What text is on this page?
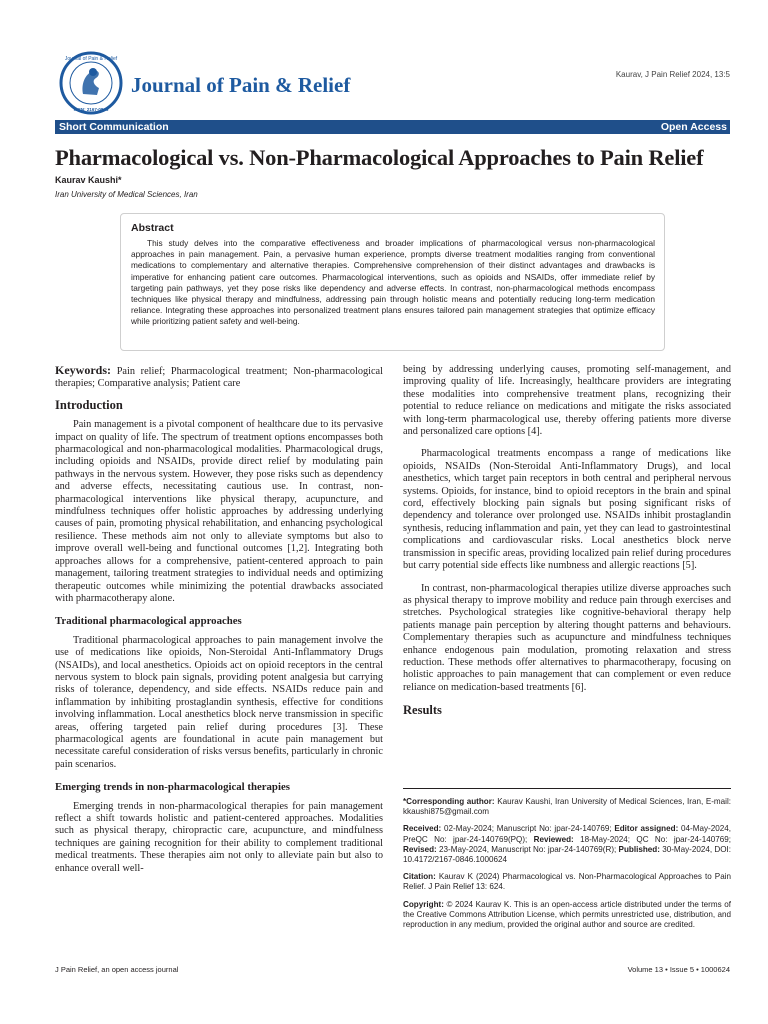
Journal of Pain & Relief
ISSN: 2167-0846
Journal of Pain & Relief	Kaurav, J Pain Relief 2024, 13:5
Short Communication	Open Access
Pharmacological vs. Non-Pharmacological Approaches to Pain Relief
Kaurav Kaushi*
Iran University of Medical Sciences, Iran
Abstract

This study delves into the comparative effectiveness and broader implications of pharmacological versus non-pharmacological approaches in pain management. Pain, a pervasive human experience, prompts diverse treatment modalities ranging from conventional medications to complementary and alternative therapies. Comprehensive comprehension of their distinct advantages and drawbacks is imperative for enhancing patient care outcomes. Pharmacological interventions, such as opioids and NSAIDs, offer immediate relief by targeting pain pathways, yet they pose risks like dependency and adverse effects. In contrast, non-pharmacological methods encompass techniques like physical therapy and mindfulness, addressing pain through holistic means and potentially reducing long-term medication reliance. Integrating these approaches into personalized treatment plans ensures tailored pain management strategies that optimize efficacy while prioritizing patient safety and well-being.

Keywords: Pain relief; Pharmacological treatment; Non-pharmacological therapies; Comparative analysis; Patient care
Introduction

Pain management is a pivotal component of healthcare due to its pervasive impact on quality of life. The spectrum of treatment options encompasses both pharmacological and non-pharmacological modalities. Pharmacological drugs, including opioids and NSAIDs, provide direct relief by modulating pain pathways in the nervous system. However, they pose risks such as dependency and adverse effects, necessitating cautious use. In contrast, non-pharmacological interventions like physical therapy, acupuncture, and mindfulness techniques offer holistic approaches by addressing underlying causes of pain, promoting physical rehabilitation, and enhancing psychological resilience. These methods aim not only to alleviate symptoms but also to improve overall well-being and functional outcomes [1,2]. Integrating both approaches allows for a comprehensive, patient-centered approach to pain management, tailoring treatment strategies to individual needs and optimizing therapeutic outcomes while minimizing the potential drawbacks associated with pharmacotherapy alone.

Traditional pharmacological approaches

Traditional pharmacological approaches to pain management involve the use of medications like opioids, Non-Steroidal Anti-Inflammatory Drugs (NSAIDs), and local anesthetics. Opioids act on opioid receptors in the central nervous system to block pain signals, providing potent analgesia but carrying risks of tolerance, dependency, and side effects. NSAIDs reduce pain and inflammation by inhibiting prostaglandin synthesis, effective for conditions involving inflammation. Local anesthetics block nerve transmission in specific areas, offering targeted pain relief during procedures [3]. These pharmacological agents are foundational in acute pain management but necessitate careful consideration of risks versus benefits, particularly in chronic pain scenarios.

Emerging trends in non-pharmacological therapies

Emerging trends in non-pharmacological therapies for pain management reflect a shift towards holistic and patient-centered approaches. Modalities such as physical therapy, chiropractic care, acupuncture, and mindfulness techniques are gaining recognition for their ability to complement traditional medical treatments. These therapies aim not only to alleviate pain but also to enhance overall well-

being by addressing underlying causes, promoting self-management, and improving quality of life. Increasingly, healthcare providers are integrating these modalities into comprehensive treatment plans, recognizing their potential to reduce reliance on medications and mitigate the risks associated with long-term pharmacological use, thereby offering patients more diverse and personalized care options [4].

Pharmacological treatments encompass a range of medications like opioids, NSAIDs (Non-Steroidal Anti-Inflammatory Drugs), and local anesthetics, which target pain receptors in both central and peripheral nervous systems. Opioids, for instance, bind to opioid receptors in the brain and spinal cord, effectively blocking pain signals but posing significant risks of dependency and tolerance over prolonged use. NSAIDs inhibit prostaglandin synthesis, reducing inflammation and pain, yet they can lead to gastrointestinal complications and cardiovascular risks. Local anesthetics block nerve transmission in specific areas, providing localized pain relief during procedures but carry potential side effects like numbness and allergic reactions [5].

In contrast, non-pharmacological therapies utilize diverse approaches such as physical therapy to improve mobility and reduce pain through exercises and stretches. Psychological strategies like cognitive-behavioral therapy help patients manage pain perception by altering thought patterns and behaviours. Complementary therapies such as acupuncture and mindfulness techniques enhance endogenous pain modulation, promoting relaxation and stress reduction. These methods offer alternatives to pharmacotherapy, focusing on holistic approaches to pain management that can complement or even reduce reliance on medication-based treatments [6].

Results

*Corresponding author: Kaurav Kaushi, Iran University of Medical Sciences, Iran, E-mail: kkaushi875@gmail.com

Received: 02-May-2024; Manuscript No: jpar-24-140769; Editor assigned: 04-May-2024, PreQC No: jpar-24-140769(PQ); Reviewed: 18-May-2024; QC No: jpar-24-140769; Revised: 23-May-2024, Manuscript No: jpar-24-140769(R); Published: 30-May-2024, DOI: 10.4172/2167-0846.1000624

Citation: Kaurav K (2024) Pharmacological vs. Non-Pharmacological Approaches to Pain Relief. J Pain Relief 13: 624.

Copyright: © 2024 Kaurav K. This is an open-access article distributed under the terms of the Creative Commons Attribution License, which permits unrestricted use, distribution, and reproduction in any medium, provided the original author and source are credited.

J Pain Relief, an open access journal	Volume 13 • Issue 5 • 1000624
